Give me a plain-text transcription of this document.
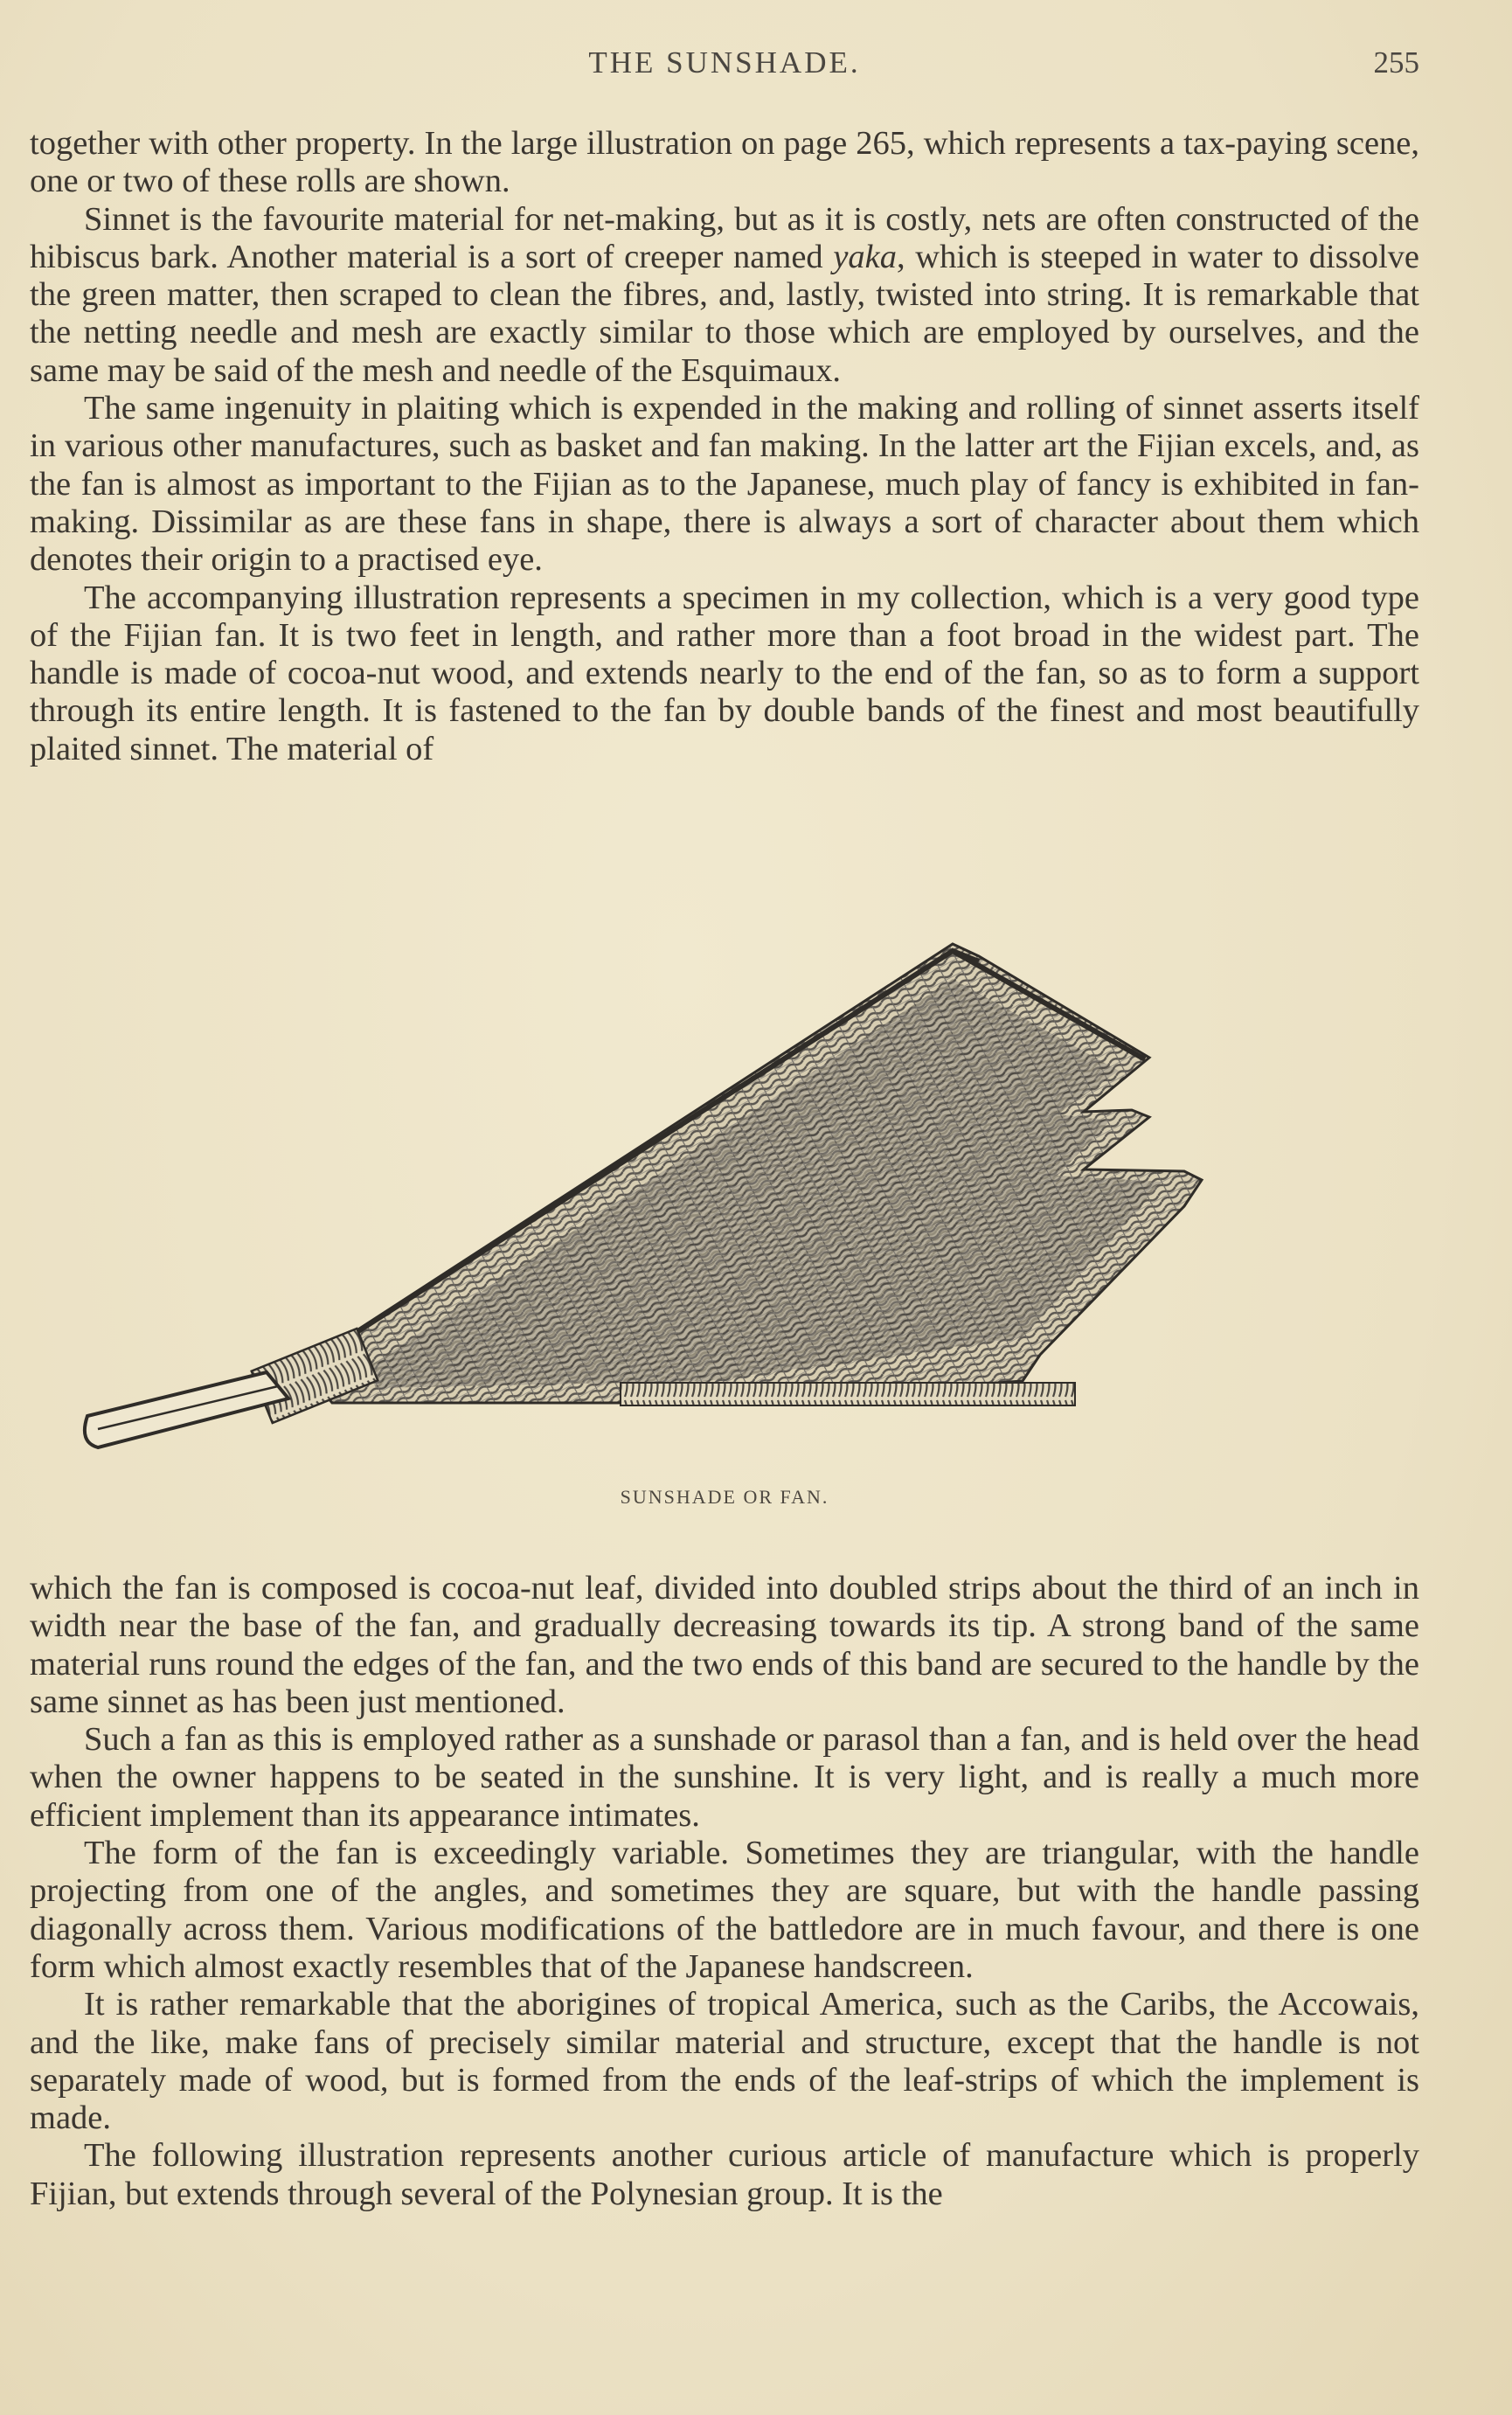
THE SUNSHADE.	255

together with other property. In the large illustration on page 265, which represents a tax-paying scene, one or two of these rolls are shown.

Sinnet is the favourite material for net-making, but as it is costly, nets are often constructed of the hibiscus bark. Another material is a sort of creeper named yaka, which is steeped in water to dissolve the green matter, then scraped to clean the fibres, and, lastly, twisted into string. It is remarkable that the netting needle and mesh are exactly similar to those which are employed by ourselves, and the same may be said of the mesh and needle of the Esquimaux.

The same ingenuity in plaiting which is expended in the making and rolling of sinnet asserts itself in various other manufactures, such as basket and fan making. In the latter art the Fijian excels, and, as the fan is almost as important to the Fijian as to the Japanese, much play of fancy is exhibited in fan-making. Dissimilar as are these fans in shape, there is always a sort of character about them which denotes their origin to a practised eye.

The accompanying illustration represents a specimen in my collection, which is a very good type of the Fijian fan. It is two feet in length, and rather more than a foot broad in the widest part. The handle is made of cocoa-nut wood, and extends nearly to the end of the fan, so as to form a support through its entire length. It is fastened to the fan by double bands of the finest and most beautifully plaited sinnet. The material of

SUNSHADE OR FAN.

which the fan is composed is cocoa-nut leaf, divided into doubled strips about the third of an inch in width near the base of the fan, and gradually decreasing towards its tip. A strong band of the same material runs round the edges of the fan, and the two ends of this band are secured to the handle by the same sinnet as has been just mentioned.

Such a fan as this is employed rather as a sunshade or parasol than a fan, and is held over the head when the owner happens to be seated in the sunshine. It is very light, and is really a much more efficient implement than its appearance intimates.

The form of the fan is exceedingly variable. Sometimes they are triangular, with the handle projecting from one of the angles, and sometimes they are square, but with the handle passing diagonally across them. Various modifications of the battledore are in much favour, and there is one form which almost exactly resembles that of the Japanese handscreen.

It is rather remarkable that the aborigines of tropical America, such as the Caribs, the Accowais, and the like, make fans of precisely similar material and structure, except that the handle is not separately made of wood, but is formed from the ends of the leaf-strips of which the implement is made.

The following illustration represents another curious article of manufacture which is properly Fijian, but extends through several of the Polynesian group. It is the
